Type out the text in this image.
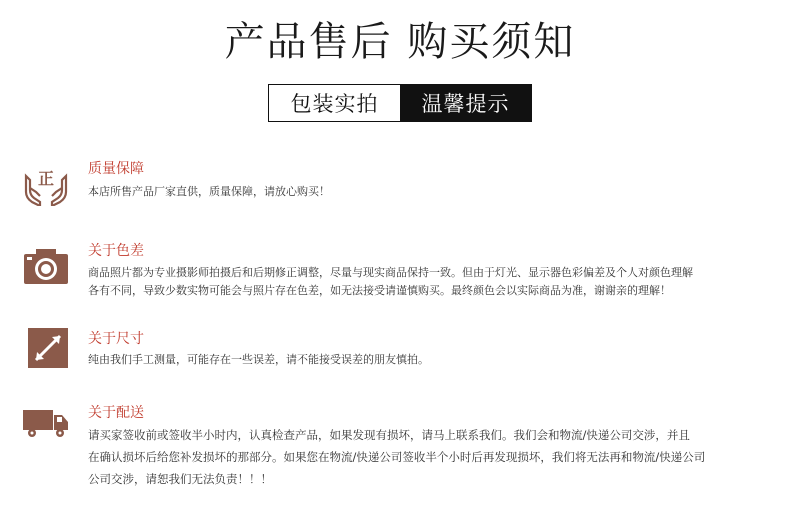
产品售后 购买须知
包装实拍	温馨提示
正 质量保障
本店所售产品厂家直供，质量保障，请放心购买！
关于色差
商品照片都为专业摄影师拍摄后和后期修正调整，尽量与现实商品保持一致。但由于灯光、显示器色彩偏差及个人对颜色理解
各有不同，导致少数实物可能会与照片存在色差，如无法接受请谨慎购买。最终颜色会以实际商品为准，谢谢亲的理解！
关于尺寸
纯由我们手工测量，可能存在一些误差，请不能接受误差的朋友慎拍。
关于配送
请买家签收前或签收半小时内，认真检查产品，如果发现有损坏，请马上联系我们。我们会和物流/快递公司交涉，并且
在确认损坏后给您补发损坏的那部分。如果您在物流/快递公司签收半个小时后再发现损坏，我们将无法再和物流/快递公司
公司交涉，请恕我们无法负责！！！
